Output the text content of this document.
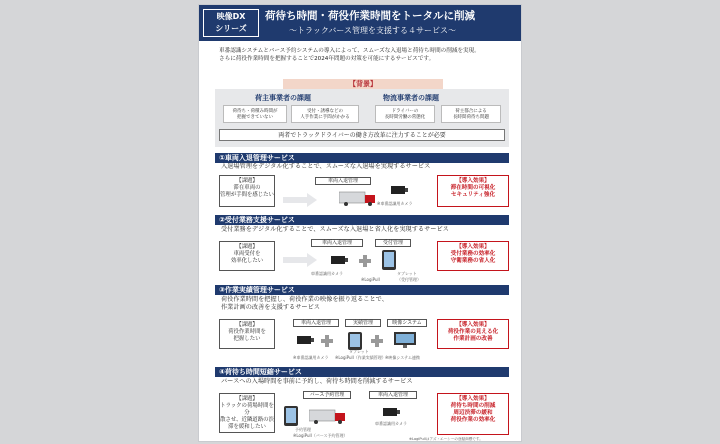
映像DX
シリーズ
荷待ち時間・荷役作業時間をトータルに削減
～トラックバース管理を支援する４サービス～
車番認識システムとバース予約システムの導入によって、スムーズな入退場と荷待ち時間の削減を実現。
さらに荷役作業時間を把握することで2024年問題の対策を可能にするサービスです。
【背景】
荷主事業者の課題	物流事業者の課題
荷待ち・荷積み時間が
把握できていない
受付・誘導などの
人手作業に手間がかかる
ドライバーの
長時間労働の常態化
荷主都合による
長時間荷待ち問題
両者でトラックドライバーの働き方改革に注力することが必要
①車両入退管理サービス
入退場管理をデジタル化することで、スムーズな入退場を実現するサービス
【課題】
滞在車両の
管理が手間を感じたい
車両入退管理
※車番認識用カメラ
【導入効果】
滞在時間の可視化
セキュリティ強化
②受付業務支援サービス
受付業務をデジタル化することで、スムーズな入退場と省人化を実現するサービス
【課題】
車両受付を
効率化したい
車両入退管理	受付管理
車番認識用カメラ
※LogiPull
タブレット
（受付管理）
【導入効果】
受付業務の効率化
守衛業務の省人化
③作業実績管理サービス
荷役作業時間を把握し、荷役作業の映像を振り返ることで、
作業計画の改善を支援するサービス
【課題】
荷役作業時間を
把握したい
車両入退管理	実績管理	映像システム
※車番認識用カメラ
タブレット
※LogiPull（作業実績管理） ※映像システム連携
【導入効果】
荷役作業の見える化
作業計画の改善
④荷待ち時間短縮サービス
バースへの入場時間を事前に予約し、荷待ち時間を削減するサービス
【課題】
トラックの荷場時間を分
散させ、近隣道路の渋
滞を緩和したい
バース予約管理	車両入退管理
予約管理
※LogiPull（バース予約管理）
車番認識用カメラ
※LogiPullはアズ・エーシーの登録商標です。
【導入効果】
荷待ち時間の削減
周辺渋滞の緩和
荷役作業の効率化
